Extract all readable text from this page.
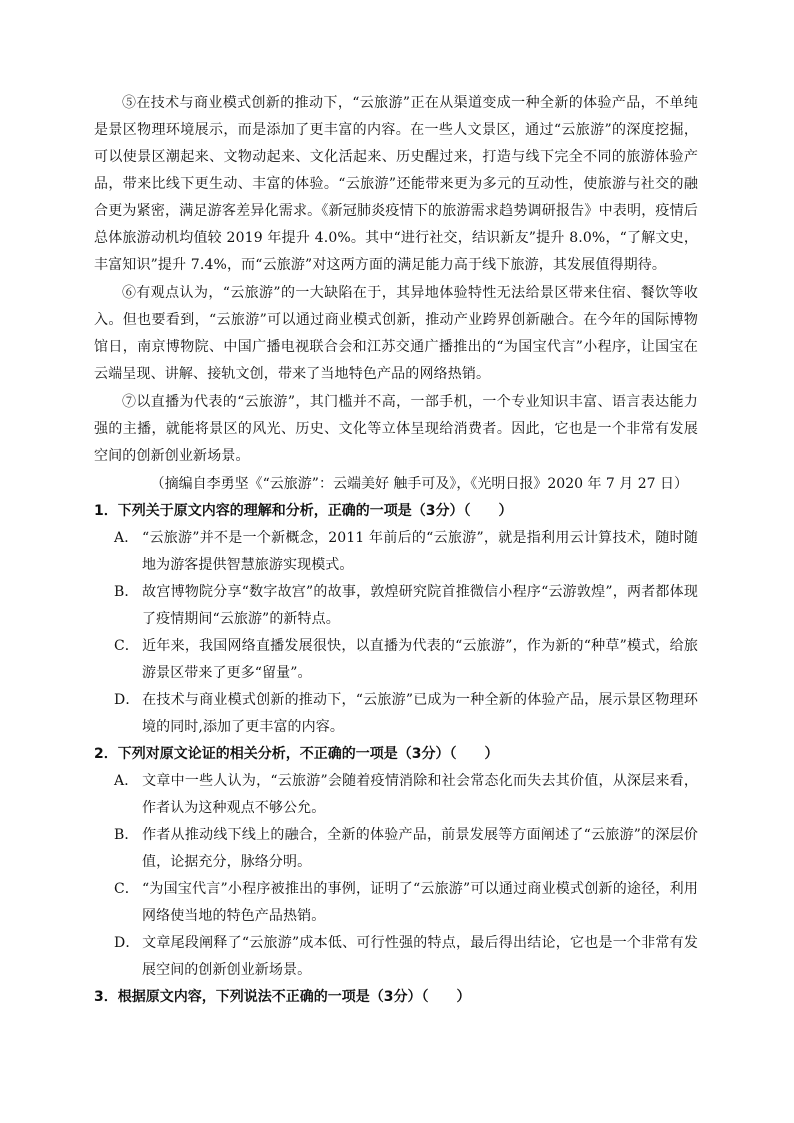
⑤在技术与商业模式创新的推动下，“云旅游”正在从渠道变成一种全新的体验产品，不单纯是景区物理环境展示，而是添加了更丰富的内容。在一些人文景区，通过“云旅游”的深度挖掘，可以使景区潮起来、文物动起来、文化活起来、历史醒过来，打造与线下完全不同的旅游体验产品，带来比线下更生动、丰富的体验。“云旅游”还能带来更为多元的互动性，使旅游与社交的融合更为紧密，满足游客差异化需求。《新冠肺炎疫情下的旅游需求趋势调研报告》中表明，疫情后总体旅游动机均值较 2019 年提升 4.0%。其中“进行社交，结识新友”提升 8.0%，“了解文史，丰富知识”提升 7.4%，而“云旅游”对这两方面的满足能力高于线下旅游，其发展值得期待。

⑥有观点认为，“云旅游”的一大缺陷在于，其异地体验特性无法给景区带来住宿、餐饮等收入。但也要看到，“云旅游”可以通过商业模式创新，推动产业跨界创新融合。在今年的国际博物馆日，南京博物院、中国广播电视联合会和江苏交通广播推出的“为国宝代言”小程序，让国宝在云端呈现、讲解、接轨文创，带来了当地特色产品的网络热销。

⑦以直播为代表的“云旅游”，其门槛并不高，一部手机，一个专业知识丰富、语言表达能力强的主播，就能将景区的风光、历史、文化等立体呈现给消费者。因此，它也是一个非常有发展空间的创新创业新场景。

（摘编自李勇坚《“云旅游”：云端美好 触手可及》，《光明日报》2020 年 7 月 27 日）

1．下列关于原文内容的理解和分析，正确的一项是（3分）（　　）

A． “云旅游”并不是一个新概念，2011 年前后的“云旅游”，就是指利用云计算技术，随时随地为游客提供智慧旅游实现模式。

B． 故宫博物院分享“数字故宫”的故事，敦煌研究院首推微信小程序“云游敦煌”，两者都体现了疫情期间“云旅游”的新特点。

C． 近年来，我国网络直播发展很快，以直播为代表的“云旅游”，作为新的“种草”模式，给旅游景区带来了更多“留量”。

D． 在技术与商业模式创新的推动下，“云旅游”已成为一种全新的体验产品，展示景区物理环境的同时,添加了更丰富的内容。

2．下列对原文论证的相关分析，不正确的一项是（3分）（　　）

A． 文章中一些人认为，“云旅游”会随着疫情消除和社会常态化而失去其价值，从深层来看，作者认为这种观点不够公允。

B． 作者从推动线下线上的融合，全新的体验产品，前景发展等方面阐述了“云旅游”的深层价值，论据充分，脉络分明。

C． “为国宝代言”小程序被推出的事例，证明了“云旅游”可以通过商业模式创新的途径，利用网络使当地的特色产品热销。

D． 文章尾段阐释了“云旅游”成本低、可行性强的特点，最后得出结论，它也是一个非常有发展空间的创新创业新场景。

3．根据原文内容，下列说法不正确的一项是（3分）（　　）
